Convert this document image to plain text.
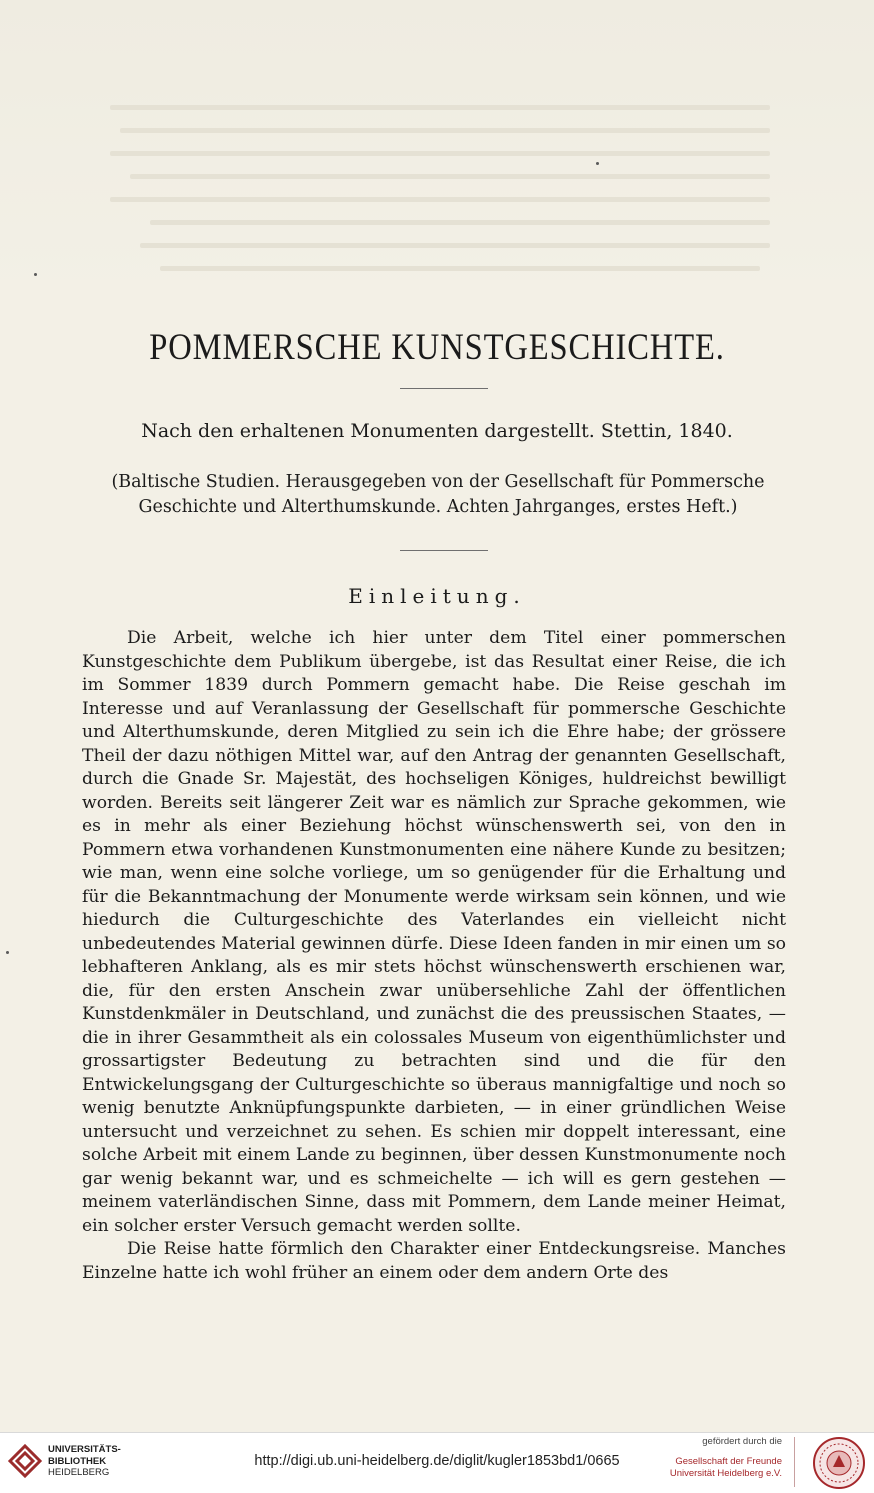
POMMERSCHE KUNSTGESCHICHTE.
Nach den erhaltenen Monumenten dargestellt. Stettin, 1840.
(Baltische Studien. Herausgegeben von der Gesellschaft für Pommersche
Geschichte und Alterthumskunde. Achten Jahrganges, erstes Heft.)
Einleitung.

Die Arbeit, welche ich hier unter dem Titel einer pommerschen Kunstgeschichte dem Publikum übergebe, ist das Resultat einer Reise, die ich im Sommer 1839 durch Pommern gemacht habe. Die Reise geschah im Interesse und auf Veranlassung der Gesellschaft für pommersche Geschichte und Alterthumskunde, deren Mitglied zu sein ich die Ehre habe; der grössere Theil der dazu nöthigen Mittel war, auf den Antrag der genannten Gesellschaft, durch die Gnade Sr. Majestät, des hochseligen Königes, huldreichst bewilligt worden. Bereits seit längerer Zeit war es nämlich zur Sprache gekommen, wie es in mehr als einer Beziehung höchst wünschenswerth sei, von den in Pommern etwa vorhandenen Kunstmonumenten eine nähere Kunde zu besitzen; wie man, wenn eine solche vorliege, um so genügender für die Erhaltung und für die Bekanntmachung der Monumente werde wirksam sein können, und wie hiedurch die Culturgeschichte des Vaterlandes ein vielleicht nicht unbedeutendes Material gewinnen dürfe. Diese Ideen fanden in mir einen um so lebhafteren Anklang, als es mir stets höchst wünschenswerth erschienen war, die, für den ersten Anschein zwar unübersehliche Zahl der öffentlichen Kunstdenkmäler in Deutschland, und zunächst die des preussischen Staates, — die in ihrer Gesammtheit als ein colossales Museum von eigenthümlichster und grossartigster Bedeutung zu betrachten sind und die für den Entwickelungsgang der Culturgeschichte so überaus mannigfaltige und noch so wenig benutzte Anknüpfungspunkte darbieten, — in einer gründlichen Weise untersucht und verzeichnet zu sehen. Es schien mir doppelt interessant, eine solche Arbeit mit einem Lande zu beginnen, über dessen Kunstmonumente noch gar wenig bekannt war, und es schmeichelte — ich will es gern gestehen — meinem vaterländischen Sinne, dass mit Pommern, dem Lande meiner Heimat, ein solcher erster Versuch gemacht werden sollte.

Die Reise hatte förmlich den Charakter einer Entdeckungsreise. Manches Einzelne hatte ich wohl früher an einem oder dem andern Orte des

UNIVERSITÄTS-
BIBLIOTHEK
HEIDELBERG
http://digi.ub.uni-heidelberg.de/diglit/kugler1853bd1/0665
gefördert durch die
Gesellschaft der Freunde
Universität Heidelberg e.V.
